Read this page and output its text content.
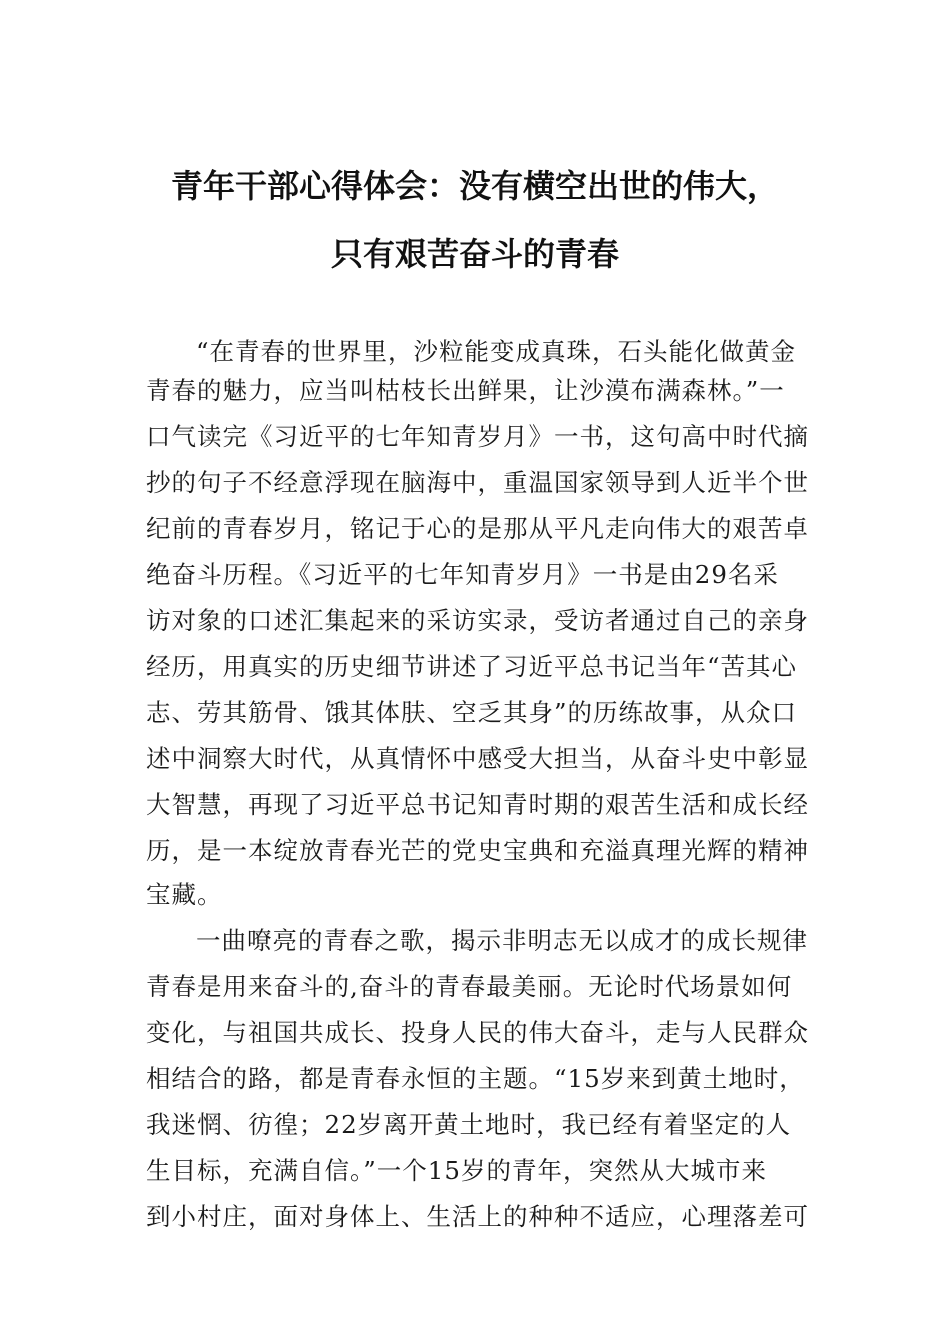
青年干部心得体会：没有横空出世的伟大，
只有艰苦奋斗的青春
“在青春的世界里，沙粒能变成真珠，石头能化做黄金
青春的魅力，应当叫枯枝长出鲜果，让沙漠布满森林。”一
口气读完《习近平的七年知青岁月》一书，这句高中时代摘
抄的句子不经意浮现在脑海中，重温国家领导到人近半个世
纪前的青春岁月，铭记于心的是那从平凡走向伟大的艰苦卓
绝奋斗历程。《习近平的七年知青岁月》一书是由29名采
访对象的口述汇集起来的采访实录，受访者通过自己的亲身
经历，用真实的历史细节讲述了习近平总书记当年“苦其心
志、劳其筋骨、饿其体肤、空乏其身”的历练故事，从众口
述中洞察大时代，从真情怀中感受大担当，从奋斗史中彰显
大智慧，再现了习近平总书记知青时期的艰苦生活和成长经
历，是一本绽放青春光芒的党史宝典和充溢真理光辉的精神
宝藏。
一曲嘹亮的青春之歌，揭示非明志无以成才的成长规律
青春是用来奋斗的,奋斗的青春最美丽。无论时代场景如何
变化，与祖国共成长、投身人民的伟大奋斗，走与人民群众
相结合的路，都是青春永恒的主题。“15岁来到黄土地时，
我迷惘、彷徨；22岁离开黄土地时，我已经有着坚定的人
生目标，充满自信。”一个15岁的青年，突然从大城市来
到小村庄，面对身体上、生活上的种种不适应，心理落差可
